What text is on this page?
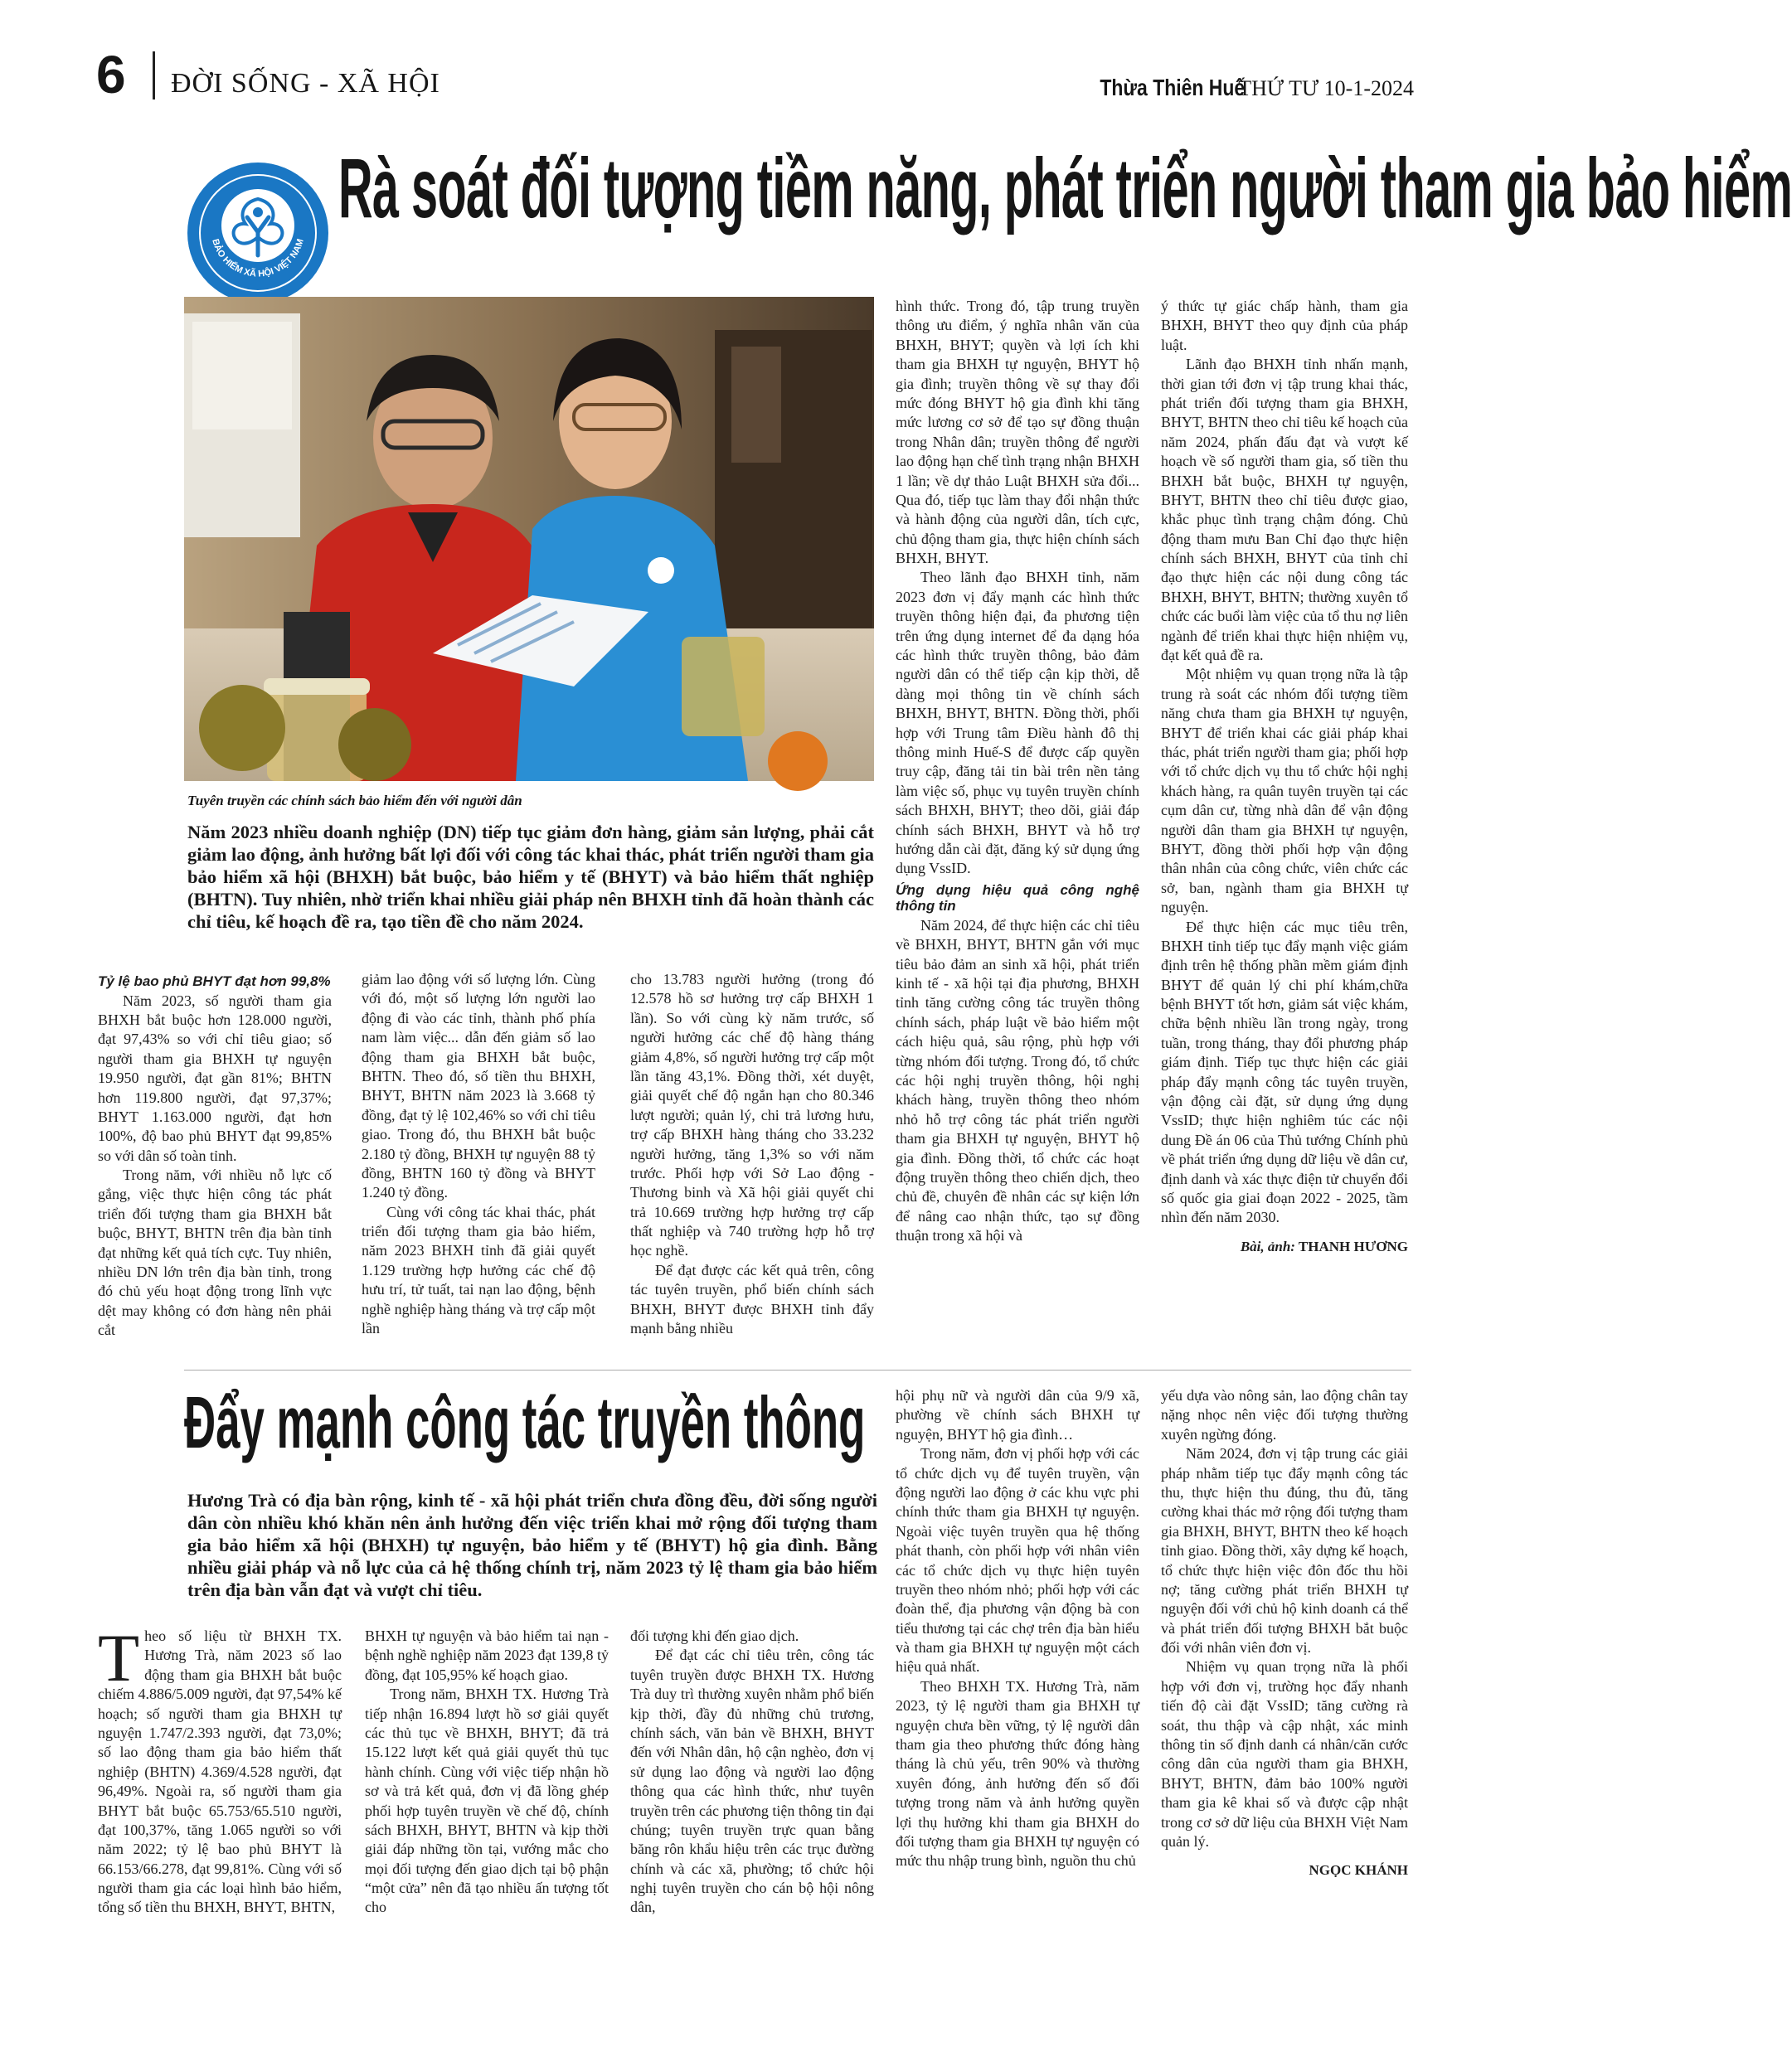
6 ĐỜI SỐNG - XÃ HỘI	Thừa Thiên Huế THỨ TƯ 10-1-2024
BẢO HIỂM XÃ HỘI VIỆT NAM
Rà soát đối tượng tiềm năng, phát triển người tham gia bảo hiểm
Tuyên truyền các chính sách bảo hiểm đến với người dân
Năm 2023 nhiều doanh nghiệp (DN) tiếp tục giảm đơn hàng, giảm sản lượng, phải cắt giảm lao động, ảnh hưởng bất lợi đối với công tác khai thác, phát triển người tham gia bảo hiểm xã hội (BHXH) bắt buộc, bảo hiểm y tế (BHYT) và bảo hiểm thất nghiệp (BHTN). Tuy nhiên, nhờ triển khai nhiều giải pháp nên BHXH tỉnh đã hoàn thành các chỉ tiêu, kế hoạch đề ra, tạo tiền đề cho năm 2024.

Tỷ lệ bao phủ BHYT đạt hơn 99,8%

Năm 2023, số người tham gia BHXH bắt buộc hơn 128.000 người, đạt 97,43% so với chỉ tiêu giao; số người tham gia BHXH tự nguyện 19.950 người, đạt gần 81%; BHTN hơn 119.800 người, đạt 97,37%; BHYT 1.163.000 người, đạt hơn 100%, độ bao phủ BHYT đạt 99,85% so với dân số toàn tỉnh.

Trong năm, với nhiều nỗ lực cố gắng, việc thực hiện công tác phát triển đối tượng tham gia BHXH bắt buộc, BHYT, BHTN trên địa bàn tỉnh đạt những kết quả tích cực. Tuy nhiên, nhiều DN lớn trên địa bàn tỉnh, trong đó chủ yếu hoạt động trong lĩnh vực dệt may không có đơn hàng nên phải cắt

giảm lao động với số lượng lớn. Cùng với đó, một số lượng lớn người lao động đi vào các tỉnh, thành phố phía nam làm việc... dẫn đến giảm số lao động tham gia BHXH bắt buộc, BHTN. Theo đó, số tiền thu BHXH, BHYT, BHTN năm 2023 là 3.668 tỷ đồng, đạt tỷ lệ 102,46% so với chỉ tiêu giao. Trong đó, thu BHXH bắt buộc 2.180 tỷ đồng, BHXH tự nguyện 88 tỷ đồng, BHTN 160 tỷ đồng và BHYT 1.240 tỷ đồng.

Cùng với công tác khai thác, phát triển đối tượng tham gia bảo hiểm, năm 2023 BHXH tỉnh đã giải quyết 1.129 trường hợp hưởng các chế độ hưu trí, tử tuất, tai nạn lao động, bệnh nghề nghiệp hàng tháng và trợ cấp một lần

cho 13.783 người hưởng (trong đó 12.578 hồ sơ hưởng trợ cấp BHXH 1 lần). So với cùng kỳ năm trước, số người hưởng các chế độ hàng tháng giảm 4,8%, số người hưởng trợ cấp một lần tăng 43,1%. Đồng thời, xét duyệt, giải quyết chế độ ngắn hạn cho 80.346 lượt người; quản lý, chi trả lương hưu, trợ cấp BHXH hàng tháng cho 33.232 người hưởng, tăng 1,3% so với năm trước. Phối hợp với Sở Lao động - Thương binh và Xã hội giải quyết chi trả 10.669 trường hợp hưởng trợ cấp thất nghiệp và 740 trường hợp hỗ trợ học nghề.

Để đạt được các kết quả trên, công tác tuyên truyền, phổ biến chính sách BHXH, BHYT được BHXH tỉnh đẩy mạnh bằng nhiều

hình thức. Trong đó, tập trung truyền thông ưu điểm, ý nghĩa nhân văn của BHXH, BHYT; quyền và lợi ích khi tham gia BHXH tự nguyện, BHYT hộ gia đình; truyền thông về sự thay đổi mức đóng BHYT hộ gia đình khi tăng mức lương cơ sở để tạo sự đồng thuận trong Nhân dân; truyền thông để người lao động hạn chế tình trạng nhận BHXH 1 lần; về dự thảo Luật BHXH sửa đổi... Qua đó, tiếp tục làm thay đổi nhận thức và hành động của người dân, tích cực, chủ động tham gia, thực hiện chính sách BHXH, BHYT.

Theo lãnh đạo BHXH tỉnh, năm 2023 đơn vị đẩy mạnh các hình thức truyền thông hiện đại, đa phương tiện trên ứng dụng internet để đa dạng hóa các hình thức truyền thông, bảo đảm người dân có thể tiếp cận kịp thời, dễ dàng mọi thông tin về chính sách BHXH, BHYT, BHTN. Đồng thời, phối hợp với Trung tâm Điều hành đô thị thông minh Huế-S để được cấp quyền truy cập, đăng tải tin bài trên nền tảng làm việc số, phục vụ tuyên truyền chính sách BHXH, BHYT; theo dõi, giải đáp chính sách BHXH, BHYT và hỗ trợ hướng dẫn cài đặt, đăng ký sử dụng ứng dụng VssID.

Ứng dụng hiệu quả công nghệ thông tin

Năm 2024, để thực hiện các chỉ tiêu về BHXH, BHYT, BHTN gắn với mục tiêu bảo đảm an sinh xã hội, phát triển kinh tế - xã hội tại địa phương, BHXH tỉnh tăng cường công tác truyền thông chính sách, pháp luật về bảo hiểm một cách hiệu quả, sâu rộng, phù hợp với từng nhóm đối tượng. Trong đó, tổ chức các hội nghị truyền thông, hội nghị khách hàng, truyền thông theo nhóm nhỏ hỗ trợ công tác phát triển người tham gia BHXH tự nguyện, BHYT hộ gia đình. Đồng thời, tổ chức các hoạt động truyền thông theo chiến dịch, theo chủ đề, chuyên đề nhân các sự kiện lớn để nâng cao nhận thức, tạo sự đồng thuận trong xã hội và

ý thức tự giác chấp hành, tham gia BHXH, BHYT theo quy định của pháp luật.

Lãnh đạo BHXH tỉnh nhấn mạnh, thời gian tới đơn vị tập trung khai thác, phát triển đối tượng tham gia BHXH, BHYT, BHTN theo chỉ tiêu kế hoạch của năm 2024, phấn đấu đạt và vượt kế hoạch về số người tham gia, số tiền thu BHXH bắt buộc, BHXH tự nguyện, BHYT, BHTN theo chỉ tiêu được giao, khắc phục tình trạng chậm đóng. Chủ động tham mưu Ban Chỉ đạo thực hiện chính sách BHXH, BHYT của tỉnh chỉ đạo thực hiện các nội dung công tác BHXH, BHYT, BHTN; thường xuyên tổ chức các buổi làm việc của tổ thu nợ liên ngành để triển khai thực hiện nhiệm vụ, đạt kết quả đề ra.

Một nhiệm vụ quan trọng nữa là tập trung rà soát các nhóm đối tượng tiềm năng chưa tham gia BHXH tự nguyện, BHYT để triển khai các giải pháp khai thác, phát triển người tham gia; phối hợp với tổ chức dịch vụ thu tổ chức hội nghị khách hàng, ra quân tuyên truyền tại các cụm dân cư, từng nhà dân để vận động người dân tham gia BHXH tự nguyện, BHYT, đồng thời phối hợp vận động thân nhân của công chức, viên chức các sở, ban, ngành tham gia BHXH tự nguyện.

Để thực hiện các mục tiêu trên, BHXH tỉnh tiếp tục đẩy mạnh việc giám định trên hệ thống phần mềm giám định BHYT để quản lý chi phí khám,chữa bệnh BHYT tốt hơn, giảm sát việc khám, chữa bệnh nhiều lần trong ngày, trong tuần, trong tháng, thay đổi phương pháp giám định. Tiếp tục thực hiện các giải pháp đẩy mạnh công tác tuyên truyền, vận động cài đặt, sử dụng ứng dụng VssID; thực hiện nghiêm túc các nội dung Đề án 06 của Thủ tướng Chính phủ về phát triển ứng dụng dữ liệu về dân cư, định danh và xác thực điện tử chuyển đổi số quốc gia giai đoạn 2022 - 2025, tầm nhìn đến năm 2030.

Bài, ảnh: THANH HƯƠNG
Đẩy mạnh công tác truyền thông
Hương Trà có địa bàn rộng, kinh tế - xã hội phát triển chưa đồng đều, đời sống người dân còn nhiều khó khăn nên ảnh hưởng đến việc triển khai mở rộng đối tượng tham gia bảo hiểm xã hội (BHXH) tự nguyện, bảo hiểm y tế (BHYT) hộ gia đình. Bằng nhiều giải pháp và nỗ lực của cả hệ thống chính trị, năm 2023 tỷ lệ tham gia bảo hiểm trên địa bàn vẫn đạt và vượt chỉ tiêu.

Theo số liệu từ BHXH TX. Hương Trà, năm 2023 số lao động tham gia BHXH bắt buộc chiếm 4.886/5.009 người, đạt 97,54% kế hoạch; số người tham gia BHXH tự nguyện 1.747/2.393 người, đạt 73,0%; số lao động tham gia bảo hiểm thất nghiệp (BHTN) 4.369/4.528 người, đạt 96,49%. Ngoài ra, số người tham gia BHYT bắt buộc 65.753/65.510 người, đạt 100,37%, tăng 1.065 người so với năm 2022; tỷ lệ bao phủ BHYT là 66.153/66.278, đạt 99,81%. Cùng với số người tham gia các loại hình bảo hiểm, tổng số tiền thu BHXH, BHYT, BHTN,

BHXH tự nguyện và bảo hiểm tai nạn - bệnh nghề nghiệp năm 2023 đạt 139,8 tỷ đồng, đạt 105,95% kế hoạch giao.

Trong năm, BHXH TX. Hương Trà tiếp nhận 16.894 lượt hồ sơ giải quyết các thủ tục về BHXH, BHYT; đã trả 15.122 lượt kết quả giải quyết thủ tục hành chính. Cùng với việc tiếp nhận hồ sơ và trả kết quả, đơn vị đã lồng ghép phối hợp tuyên truyền về chế độ, chính sách BHXH, BHYT, BHTN và kịp thời giải đáp những tồn tại, vướng mắc cho mọi đối tượng đến giao dịch tại bộ phận “một cửa” nên đã tạo nhiều ấn tượng tốt cho

đối tượng khi đến giao dịch.

Để đạt các chỉ tiêu trên, công tác tuyên truyền được BHXH TX. Hương Trà duy trì thường xuyên nhằm phổ biến kịp thời, đầy đủ những chủ trương, chính sách, văn bản về BHXH, BHYT đến với Nhân dân, hộ cận nghèo, đơn vị sử dụng lao động và người lao động thông qua các hình thức, như tuyên truyền trên các phương tiện thông tin đại chúng; tuyên truyền trực quan bằng băng rôn khẩu hiệu trên các trục đường chính và các xã, phường; tổ chức hội nghị tuyên truyền cho cán bộ hội nông dân,

hội phụ nữ và người dân của 9/9 xã, phường về chính sách BHXH tự nguyện, BHYT hộ gia đình…

Trong năm, đơn vị phối hợp với các tổ chức dịch vụ để tuyên truyền, vận động người lao động ở các khu vực phi chính thức tham gia BHXH tự nguyện. Ngoài việc tuyên truyền qua hệ thống phát thanh, còn phối hợp với nhân viên các tổ chức dịch vụ thực hiện tuyên truyền theo nhóm nhỏ; phối hợp với các đoàn thể, địa phương vận động bà con tiểu thương tại các chợ trên địa bàn hiểu và tham gia BHXH tự nguyện một cách hiệu quả nhất.

Theo BHXH TX. Hương Trà, năm 2023, tỷ lệ người tham gia BHXH tự nguyện chưa bền vững, tỷ lệ người dân tham gia theo phương thức đóng hàng tháng là chủ yếu, trên 90% và thường xuyên đóng, ảnh hưởng đến số đối tượng trong năm và ảnh hưởng quyền lợi thụ hưởng khi tham gia BHXH do đối tượng tham gia BHXH tự nguyện có mức thu nhập trung bình, nguồn thu chủ

yếu dựa vào nông sản, lao động chân tay nặng nhọc nên việc đối tượng thường xuyên ngừng đóng.

Năm 2024, đơn vị tập trung các giải pháp nhằm tiếp tục đẩy mạnh công tác thu, thực hiện thu đúng, thu đủ, tăng cường khai thác mở rộng đối tượng tham gia BHXH, BHYT, BHTN theo kế hoạch tỉnh giao. Đồng thời, xây dựng kế hoạch, tổ chức thực hiện việc đôn đốc thu hồi nợ; tăng cường phát triển BHXH tự nguyện đối với chủ hộ kinh doanh cá thể và phát triển đối tượng BHXH bắt buộc đối với nhân viên đơn vị.

Nhiệm vụ quan trọng nữa là phối hợp với đơn vị, trường học đẩy nhanh tiến độ cài đặt VssID; tăng cường rà soát, thu thập và cập nhật, xác minh thông tin số định danh cá nhân/căn cước công dân của người tham gia BHXH, BHYT, BHTN, đảm bảo 100% người tham gia kê khai số và được cập nhật trong cơ sở dữ liệu của BHXH Việt Nam quản lý.

NGỌC KHÁNH
